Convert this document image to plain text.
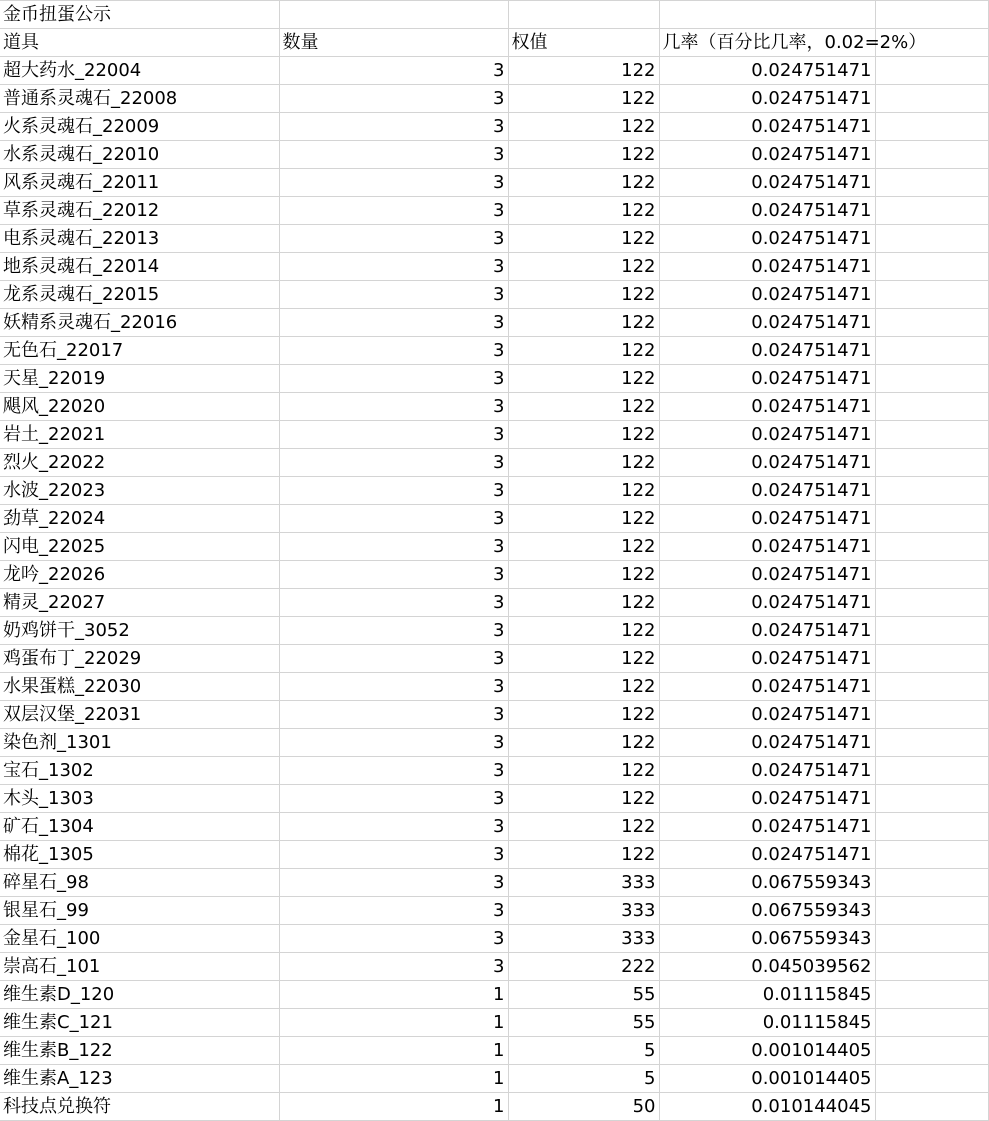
金币扭蛋公示				
道具	数量	权值	几率（百分比几率，0.02=2%）	
超大药水_22004	3	122	0.024751471	
普通系灵魂石_22008	3	122	0.024751471	
火系灵魂石_22009	3	122	0.024751471	
水系灵魂石_22010	3	122	0.024751471	
风系灵魂石_22011	3	122	0.024751471	
草系灵魂石_22012	3	122	0.024751471	
电系灵魂石_22013	3	122	0.024751471	
地系灵魂石_22014	3	122	0.024751471	
龙系灵魂石_22015	3	122	0.024751471	
妖精系灵魂石_22016	3	122	0.024751471	
无色石_22017	3	122	0.024751471	
天星_22019	3	122	0.024751471	
飓风_22020	3	122	0.024751471	
岩土_22021	3	122	0.024751471	
烈火_22022	3	122	0.024751471	
水波_22023	3	122	0.024751471	
劲草_22024	3	122	0.024751471	
闪电_22025	3	122	0.024751471	
龙吟_22026	3	122	0.024751471	
精灵_22027	3	122	0.024751471	
奶鸡饼干_3052	3	122	0.024751471	
鸡蛋布丁_22029	3	122	0.024751471	
水果蛋糕_22030	3	122	0.024751471	
双层汉堡_22031	3	122	0.024751471	
染色剂_1301	3	122	0.024751471	
宝石_1302	3	122	0.024751471	
木头_1303	3	122	0.024751471	
矿石_1304	3	122	0.024751471	
棉花_1305	3	122	0.024751471	
碎星石_98	3	333	0.067559343	
银星石_99	3	333	0.067559343	
金星石_100	3	333	0.067559343	
崇高石_101	3	222	0.045039562	
维生素D_120	1	55	0.01115845	
维生素C_121	1	55	0.01115845	
维生素B_122	1	5	0.001014405	
维生素A_123	1	5	0.001014405	
科技点兑换符	1	50	0.010144045	
